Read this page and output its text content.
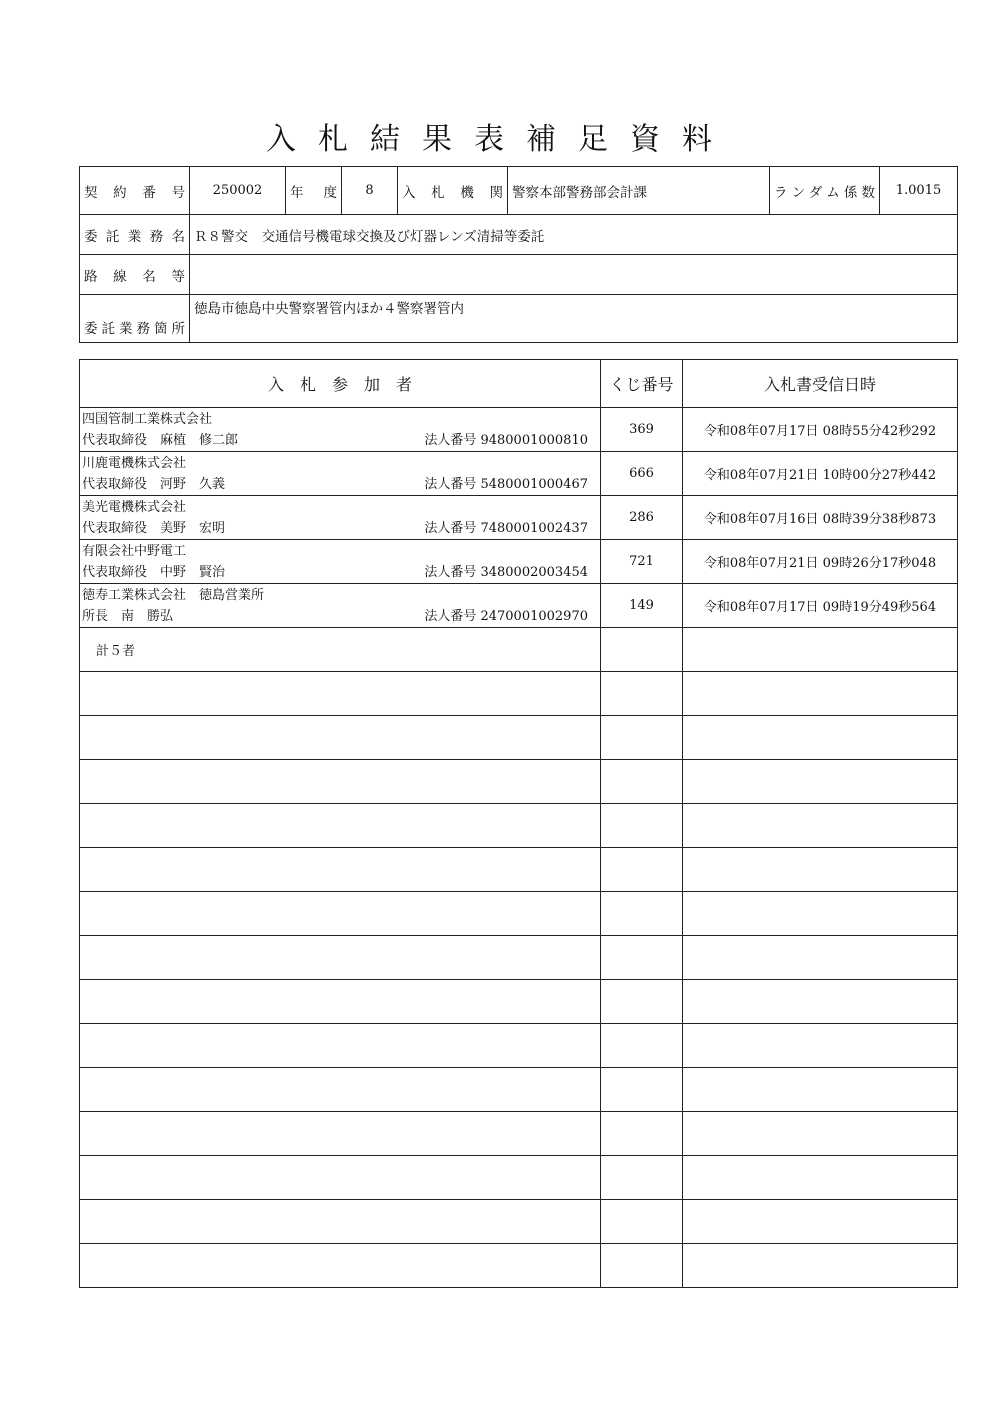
入札結果表補足資料
契約番号	250002	年度	8	入札機関	警察本部警務部会計課	ランダム係数	1.0015
委託業務名	Ｒ８警交　交通信号機電球交換及び灯器レンズ清掃等委託						
路線名等							
委託業務箇所	徳島市徳島中央警察署管内ほか４警察署管内						
入　札　参　加　者	くじ番号	入札書受信日時

四国管制工業株式会社
代表取締役　麻植　修二郎 法人番号 9480001000810	369	令和08年07月17日 08時55分42秒292

川鹿電機株式会社
代表取締役　河野　久義 法人番号 5480001000467	666	令和08年07月21日 10時00分27秒442

美光電機株式会社
代表取締役　美野　宏明 法人番号 7480001002437	286	令和08年07月16日 08時39分38秒873

有限会社中野電工
代表取締役　中野　賢治 法人番号 3480002003454	721	令和08年07月21日 09時26分17秒048

徳寿工業株式会社　徳島営業所
所長　南　勝弘 法人番号 2470001002970	149	令和08年07月17日 09時19分49秒564
計５者		
